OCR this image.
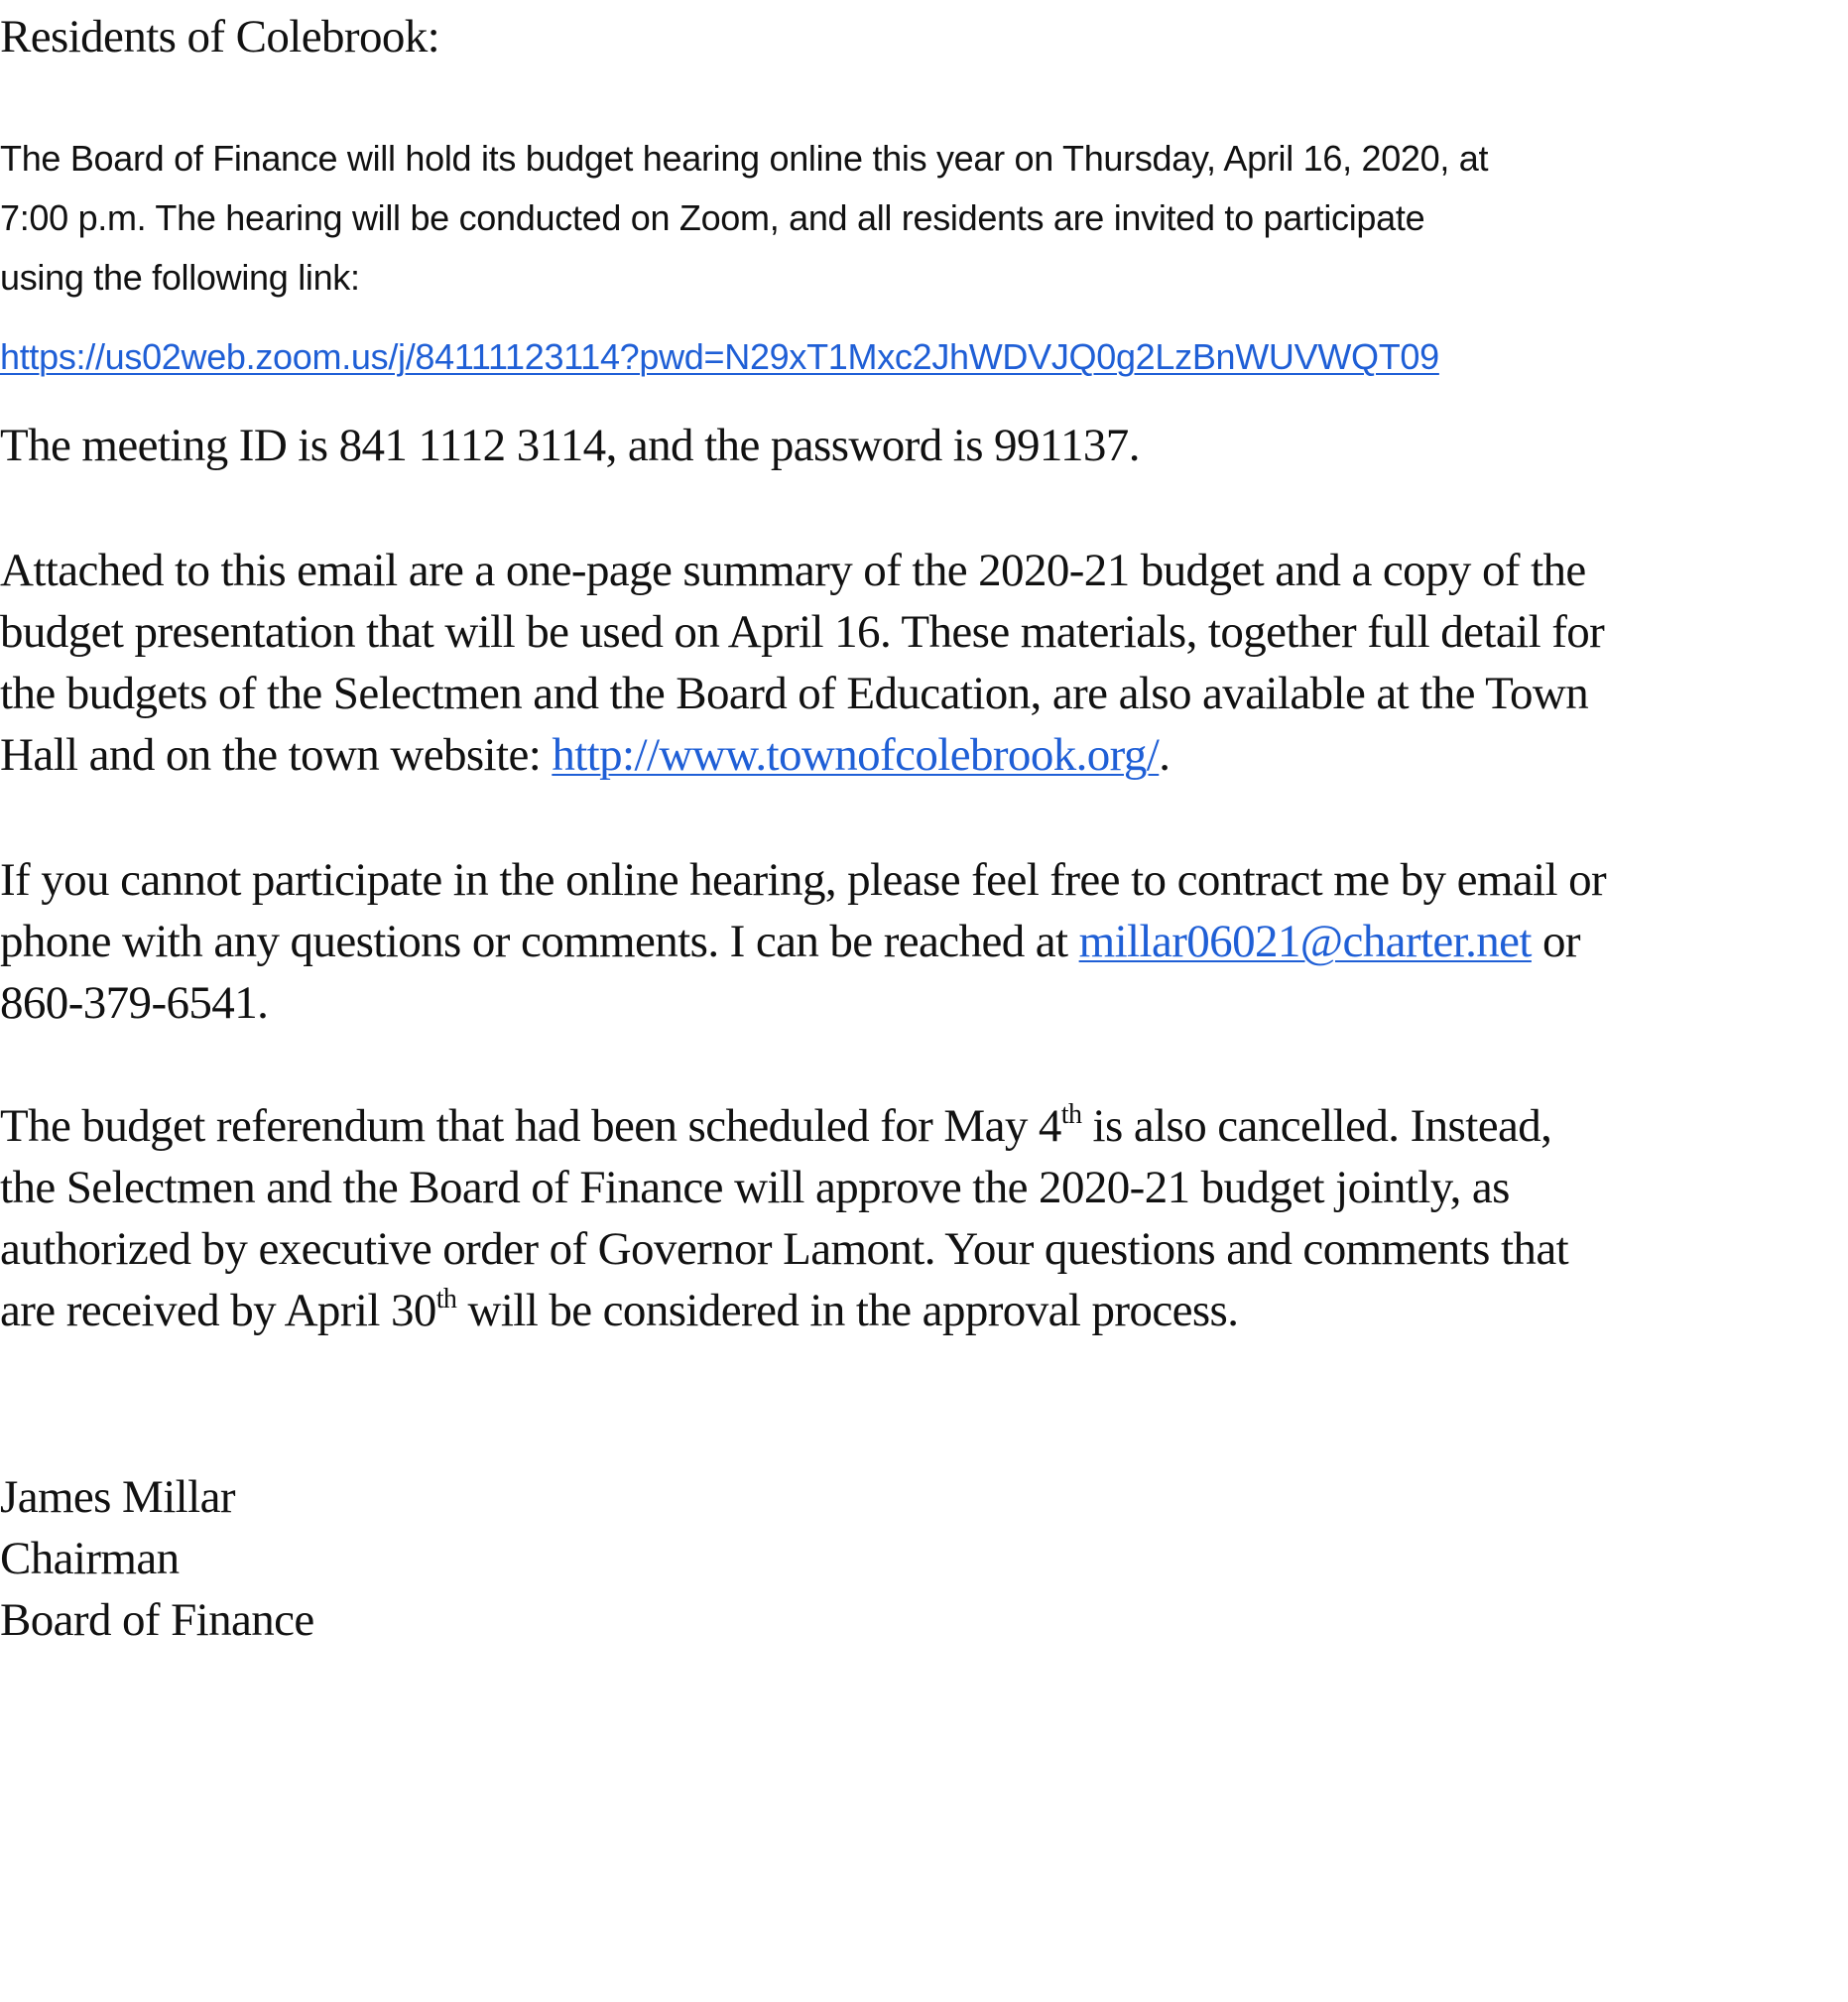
Residents of Colebrook:

The Board of Finance will hold its budget hearing online this year on Thursday, April 16, 2020, at
7:00 p.m. The hearing will be conducted on Zoom, and all residents are invited to participate
using the following link:
https://us02web.zoom.us/j/84111123114?pwd=N29xT1Mxc2JhWDVJQ0g2LzBnWUVWQT09

The meeting ID is 841 1112 3114, and the password is 991137.

Attached to this email are a one-page summary of the 2020-21 budget and a copy of the
budget presentation that will be used on April 16. These materials, together full detail for
the budgets of the Selectmen and the Board of Education, are also available at the Town
Hall and on the town website: http://www.townofcolebrook.org/.
If you cannot participate in the online hearing, please feel free to contract me by email or
phone with any questions or comments. I can be reached at millar06021@charter.net or
860-379-6541.
The budget referendum that had been scheduled for May 4th is also cancelled. Instead,
the Selectmen and the Board of Finance will approve the 2020-21 budget jointly, as
authorized by executive order of Governor Lamont. Your questions and comments that
are received by April 30th will be considered in the approval process.
James Millar
Chairman
Board of Finance
